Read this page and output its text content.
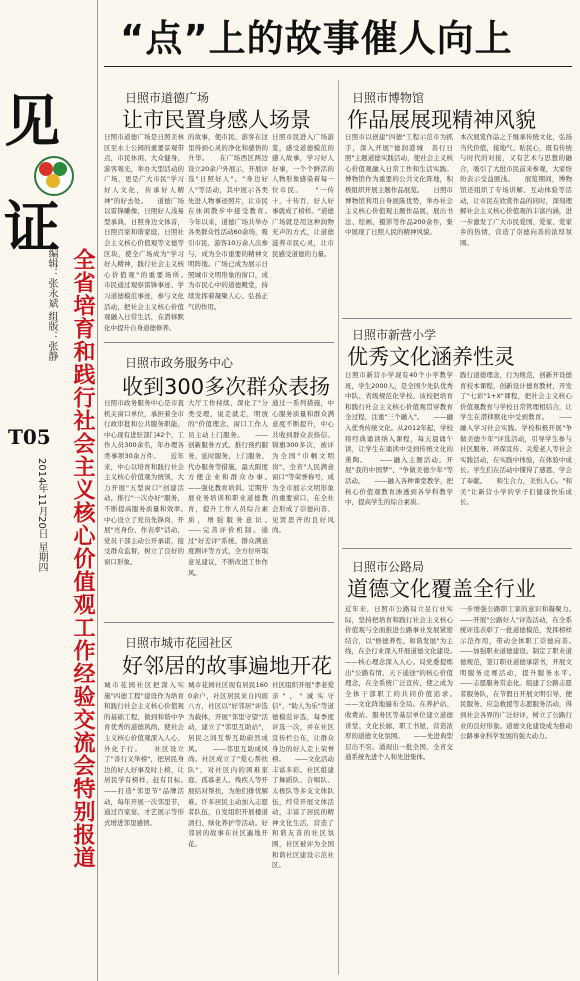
见
证
全省培育和践行社会主义核心价值观工作经验交流会特别报道
编辑：张永斌 组版：张静
T05
2014年11月20日 星期四
“点”上的故事催人向上
日照市道德广场
让市民置身感人场景
日照市道德广场是日照美林区至水上公园的重要景观带点，市民休闲、大众健身、游客观光，举办大型活动的广场，更是广大市民"学习好人文化，传承好人精神"的好去处。　　道德广场以雷锋雕像，日照好人浅易型承典，日照身边文体音，日照百家和谐家庭，日照社会主义核心价值观等义德等区块，使全广场成为"学习好人精神，践行社会主义核心价值观"的重要场所。　　市民通过观察雷锋事迹、学习道德模范事迹，参与文化活动，把社会主义核心价值观融入日常生活，在潜移默化中提升自身道德修养。
的故事，使市民、游客在这里得到心灵的净化和感悟的升华。　　在广场西区两边设立20余户外展示，开展评选"日照好人"、"身边好人"等活动，其中展示各类先进人物事迹照片，让市民在休闲散步中接受教育。　　今年以来，道德广场共举办各类群众性活动60余场，吸引市民、游客10万余人次参与，成为全市重要的精神文明阵地。广场已成为展示日照城市文明形象的窗口，成为市民心中的道德殿堂，持续发挥着凝聚人心、弘扬正气的作用。
日照市民进入广场游览，感受道德模范的感人故事，学习好人好事，一个个鲜活的人物形象感染着每一位市民。　　"一传十，十传百，好人好事就成了榜样。"道德广场就是用这种润物无声的方式，让道德滋养市民心灵，让市民感受道德的力量。
日照市博物馆
作品展展现精神风貌
日照市以创建"四德"工程示范市为抓手，深入开展"德润港城　善行日照"主题道德实践活动，使社会主义核心价值观融入日常工作和生活实践。博物馆作为重要的公共文化阵地，积极组织开展主题作品展览。　　日照市博物馆利用自身展陈优势，举办社会主义核心价值观主题作品展，展出书法、绘画、摄影等作品200余件，集中展现了日照人民的精神风貌。
本次展览作品之于继承传统文化，弘扬当代价值，接地气、贴民心，既有传统与时代的对接，又有艺术与思想的融合，吸引了大批市民前来参观，大家纷纷表示受益匪浅。　　展览期间，博物馆还组织了专场讲解、互动体验等活动，让市民在欣赏作品的同时，深刻理解社会主义核心价值观的丰富内涵，进一步激发了广大市民爱国、爱家、爱家乡的热情，营造了崇德向善的浓厚氛围。
日照市新营小学
优秀文化涵养性灵
日照市新营小学现有40个小学教学班，学生2000人，是全国少先队优秀中队、省级规范化学校。该校把培育和践行社会主义核心价值观贯穿教育全过程，注重"三个融入"。　　——融入优秀传统文化。从2012年起，学校将经典诵读纳入课程，每天晨诵午读，让学生在诵读中受到传统文化的熏陶。　　——融入主题活动。开展"我的中国梦"、"争做美德少年"等活动。　　——融入各种课堂教学，把核心价值观教育渗透到各学科教学中，提高学生的综合素质。
践行道德理念，行为规范，创新开设德育校本课程，创新设计德育教材，开发了"七彩"1+X"课程，把社会主义核心价值观教育与学校日常管理相结合，让学生在潜移默化中受到教育。　　——融入学习社会实践。学校积极开展"争做美德少年"评选活动，引导学生参与社区服务、环保宣传、关爱老人等社会实践活动，在实践中体验，在体验中成长。学生们在活动中懂得了感恩、学会了奉献。　　和生合力，美怡人心。"和美"让新营小学的学子们健康快乐成长。
日照市政务服务中心
收到300多次群众表扬
日照市政务服务中心是市直机关窗口单位，承担着全市行政审批和公共服务职能。中心现有进驻部门42个，工作人员300余名，年办理各类事项30余万件。　　近年来，中心以培育和践行社会主义核心价值观为统领，大力开展"五型窗口"创建活动，推行"一次办好"服务，不断提高服务质量和效率。　　中心设立了党员先锋岗，开展"亮身份、作表率"活动，党员干部主动公开承诺，接受群众监督，树立了良好的窗口形象。
大厅工作持续、深化了"分类受理，说走就走，明放的"价值理念，窗口工作人员主动上门服务。　　——创新服务方式。推行预约服务、延时服务、上门服务、代办服务等措施，最大限度方便企业和群众办事。　　——强化教育培训。定期开展业务培训和职业道德教育，提升工作人员综合素质，增强服务意识。　　——完善评价机制。通过"好差评"系统、群众满意度测评等方式，全方位听取意见建议，不断改进工作作风。
通过一系列措施，中心服务质量和群众满意度不断提升，中心共收到群众表扬信、锦旗300多次，被评为全国"巾帼文明岗"、全省"人民满意窗口"等荣誉称号，成为全市展示文明形象的重要窗口，在全社会形成了崇德向善、见贤思齐的良好风尚。
日照市公路局
道德文化覆盖全行业
近年来，日照市公路局立足行业实际，坚持把培育和践行社会主义核心价值观与全面推进公路事业发展紧密结合，以"修德养性、和谐发展"为主线，在全行业深入开展道德文化建设。　　——核心理念深入人心。局党委提炼出"公路有情、天下通途"的核心价值理念，在全系统广泛宣传，使之成为全体干部职工的共同价值追求。　　——文化阵地遍布全局。在养护站、收费站、服务区等基层单位建立道德讲堂、文化长廊、职工书屋，营造浓厚的道德文化氛围。　　——先进典型层出不穷。涌现出一批全国、全省交通系统先进个人和先进集体。
一步增强公路职工家的意识和凝聚力。　　——开展"公路好人"评选活动，在全系统评选表彰了一批道德模范，发挥榜样示范作用，带动全体职工崇德向善。　　——加强职业道德建设。制定了职业道德规范，签订职业道德承诺书，开展文明服务竞赛活动，提升服务水平。　　——志愿服务常态化。组建了公路志愿者服务队，在节假日开展文明引导、便民服务、应急救援等志愿服务活动，得到社会各界的广泛好评，树立了公路行业的良好形象。道德文化建设成为推动公路事业科学发展的强大动力。
日照市城市花园社区
好邻居的故事遍地开花
城市花园社区把深入实施"四德工程"建设作为培育和践行社会主义核心价值观的基础工程，做到和谐中孕育优秀的道德风尚，使社会主义核心价值观深入人心、外化于行。　　社区设立了"善行义举榜"，把居民身边的好人好事及时上榜，让居民学有榜样、赶有目标。　　——打造"邻里节"品牌活动，每年开展一次邻里节，通过百家宴、才艺展示等形式增进邻里感情。
城市花园社区现有居民1600余户，社区居民来自四面八方，社区以"好邻居"评选为载体，开展"邻里守望"活动，建立了"邻里互助站"，居民之间互帮互助蔚然成风。　　——邻里互助成风尚。社区成立了"爱心帮扶队"，对社区内的困难家庭、孤寡老人、残疾人等开展结对帮扶，为他们排忧解难。许多居民主动加入志愿者队伍，自发组织开展楼道清扫、绿化养护等活动。好邻居的故事在社区遍地开花。
社区组织开展"孝老爱亲"、"诚实守信"、"助人为乐"等道德模范评选，每季度评选一次，并在社区宣传栏公布，让群众身边的好人走上荣誉榜。　　——文化活动丰富多彩。社区组建了舞蹈队、合唱队、太极队等多支文体队伍，经常开展文体活动，丰富了居民的精神文化生活，营造了和谐友善的社区氛围，社区被评为全国和谐社区建设示范社区。
